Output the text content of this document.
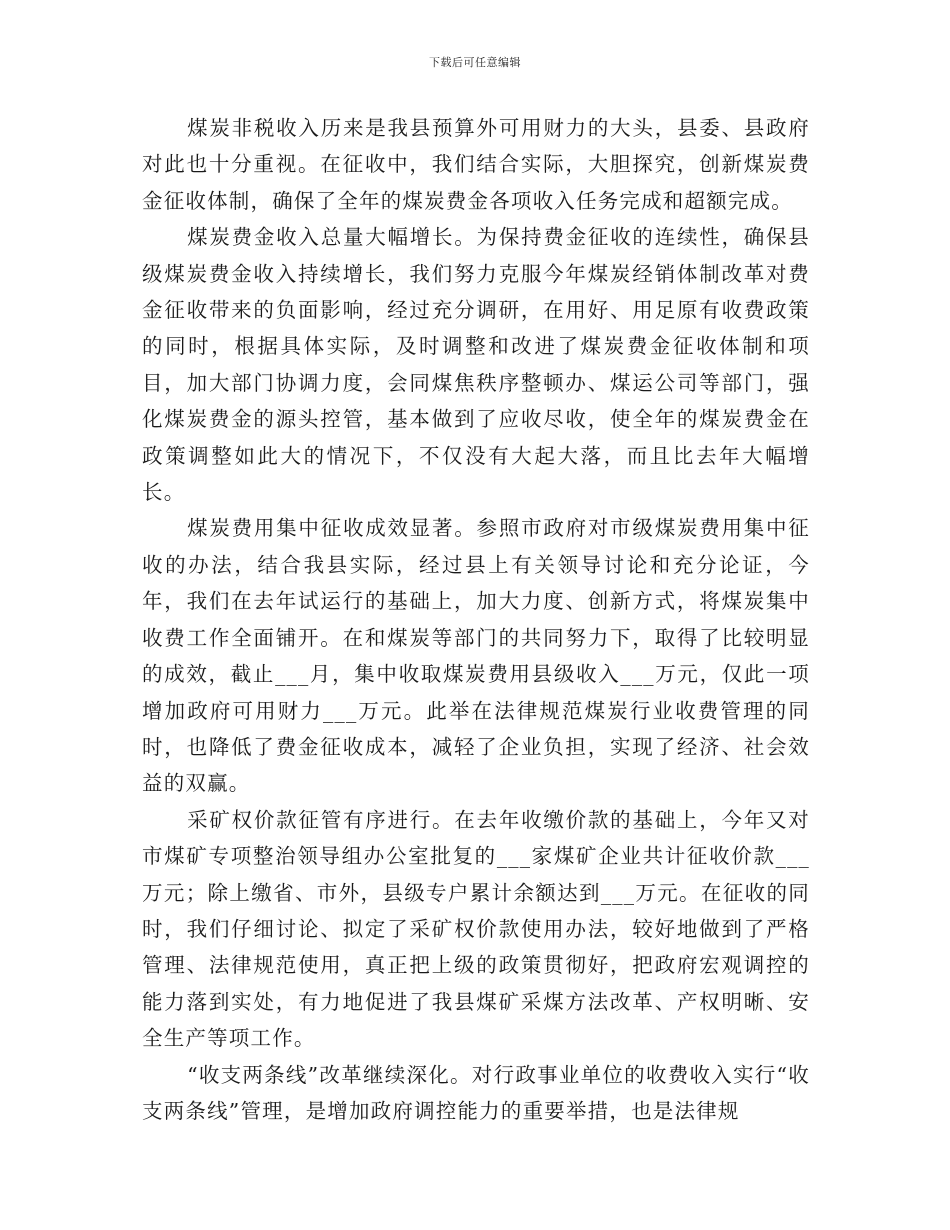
下载后可任意编辑

煤炭非税收入历来是我县预算外可用财力的大头，县委、县政府对此也十分重视。在征收中，我们结合实际，大胆探究，创新煤炭费金征收体制，确保了全年的煤炭费金各项收入任务完成和超额完成。

煤炭费金收入总量大幅增长。为保持费金征收的连续性，确保县级煤炭费金收入持续增长，我们努力克服今年煤炭经销体制改革对费金征收带来的负面影响，经过充分调研，在用好、用足原有收费政策的同时，根据具体实际，及时调整和改进了煤炭费金征收体制和项目，加大部门协调力度，会同煤焦秩序整顿办、煤运公司等部门，强化煤炭费金的源头控管，基本做到了应收尽收，使全年的煤炭费金在政策调整如此大的情况下，不仅没有大起大落，而且比去年大幅增长。

煤炭费用集中征收成效显著。参照市政府对市级煤炭费用集中征收的办法，结合我县实际，经过县上有关领导讨论和充分论证，今年，我们在去年试运行的基础上，加大力度、创新方式，将煤炭集中收费工作全面铺开。在和煤炭等部门的共同努力下，取得了比较明显的成效，截止___月，集中收取煤炭费用县级收入___万元，仅此一项增加政府可用财力___万元。此举在法律规范煤炭行业收费管理的同时，也降低了费金征收成本，减轻了企业负担，实现了经济、社会效益的双赢。

采矿权价款征管有序进行。在去年收缴价款的基础上，今年又对市煤矿专项整治领导组办公室批复的___家煤矿企业共计征收价款___万元；除上缴省、市外，县级专户累计余额达到___万元。在征收的同时，我们仔细讨论、拟定了采矿权价款使用办法，较好地做到了严格管理、法律规范使用，真正把上级的政策贯彻好，把政府宏观调控的能力落到实处，有力地促进了我县煤矿采煤方法改革、产权明晰、安全生产等项工作。

“收支两条线”改革继续深化。对行政事业单位的收费收入实行“收支两条线”管理，是增加政府调控能力的重要举措，也是法律规
